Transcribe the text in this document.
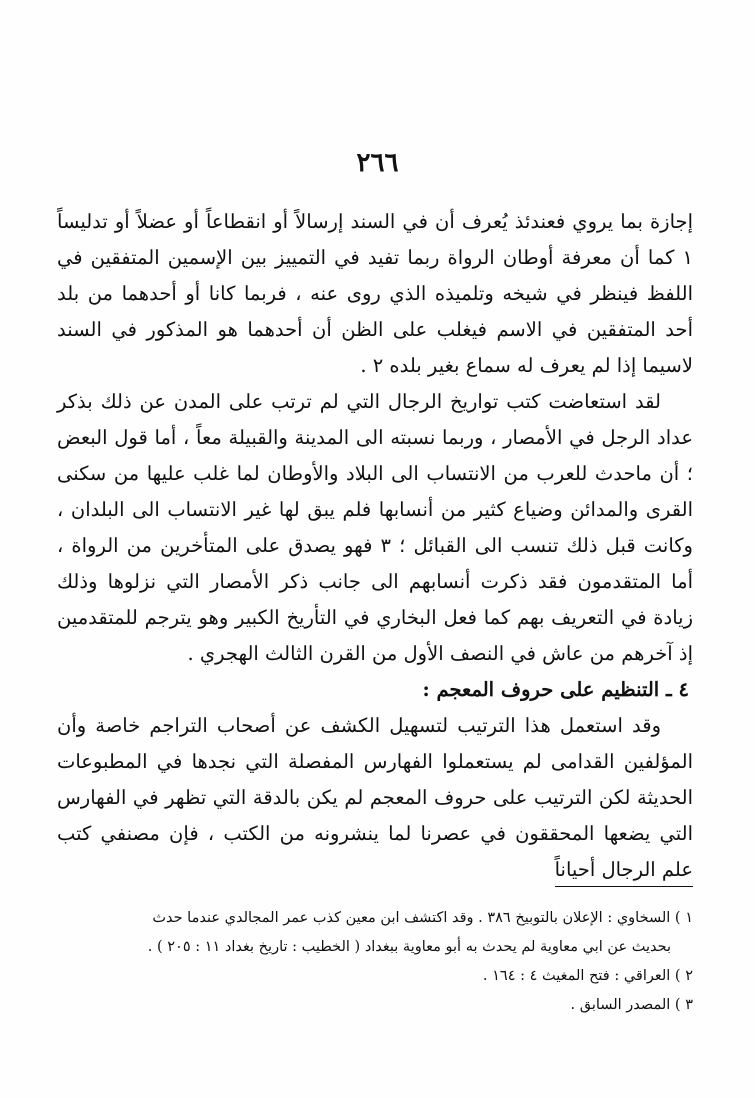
٢٦٦

إجازة بما يروي فعندئذ يُعرف أن في السند إرسالاً أو انقطاعاً أو عضلاً أو تدليساً ١ كما أن معرفة أوطان الرواة ربما تفيد في التمييز بين الإسمين المتفقين في اللفظ فينظر في شيخه وتلميذه الذي روى عنه ، فربما كانا أو أحدهما من بلد أحد المتفقين في الاسم فيغلب على الظن أن أحدهما هو المذكور في السند لاسيما إذا لم يعرف له سماع بغير بلده ٢ .

لقد استعاضت كتب تواريخ الرجال التي لم ترتب على المدن عن ذلك بذكر عداد الرجل في الأمصار ، وربما نسبته الى المدينة والقبيلة معاً ، أما قول البعض ؛ أن ماحدث للعرب من الانتساب الى البلاد والأوطان لما غلب عليها من سكنى القرى والمدائن وضياع كثير من أنسابها فلم يبق لها غير الانتساب الى البلدان ، وكانت قبل ذلك تنسب الى القبائل ؛ ٣ فهو يصدق على المتأخرين من الرواة ، أما المتقدمون فقد ذكرت أنسابهم الى جانب ذكر الأمصار التي نزلوها وذلك زيادة في التعريف بهم كما فعل البخاري في التأريخ الكبير وهو يترجم للمتقدمين إذ آخرهم من عاش في النصف الأول من القرن الثالث الهجري .

٤ ـ التنظيم على حروف المعجم :

وقد استعمل هذا الترتيب لتسهيل الكشف عن أصحاب التراجم خاصة وأن المؤلفين القدامى لم يستعملوا الفهارس المفصلة التي نجدها في المطبوعات الحديثة لكن الترتيب على حروف المعجم لم يكن بالدقة التي تظهر في الفهارس التي يضعها المحققون في عصرنا لما ينشرونه من الكتب ، فإن مصنفي كتب علم الرجال أحياناً

١ ) السخاوي : الإعلان بالتوبيخ ٣٨٦ . وقد اكتشف ابن معين كذب عمر المجالدي عندما حدث

بحديث عن ابي معاوية لم يحدث به أبو معاوية ببغداد ( الخطيب : تاريخ بغداد ١١ : ٢٠٥ ) .

٢ ) العراقي : فتح المغيث ٤ : ١٦٤ .

٣ ) المصدر السابق .
